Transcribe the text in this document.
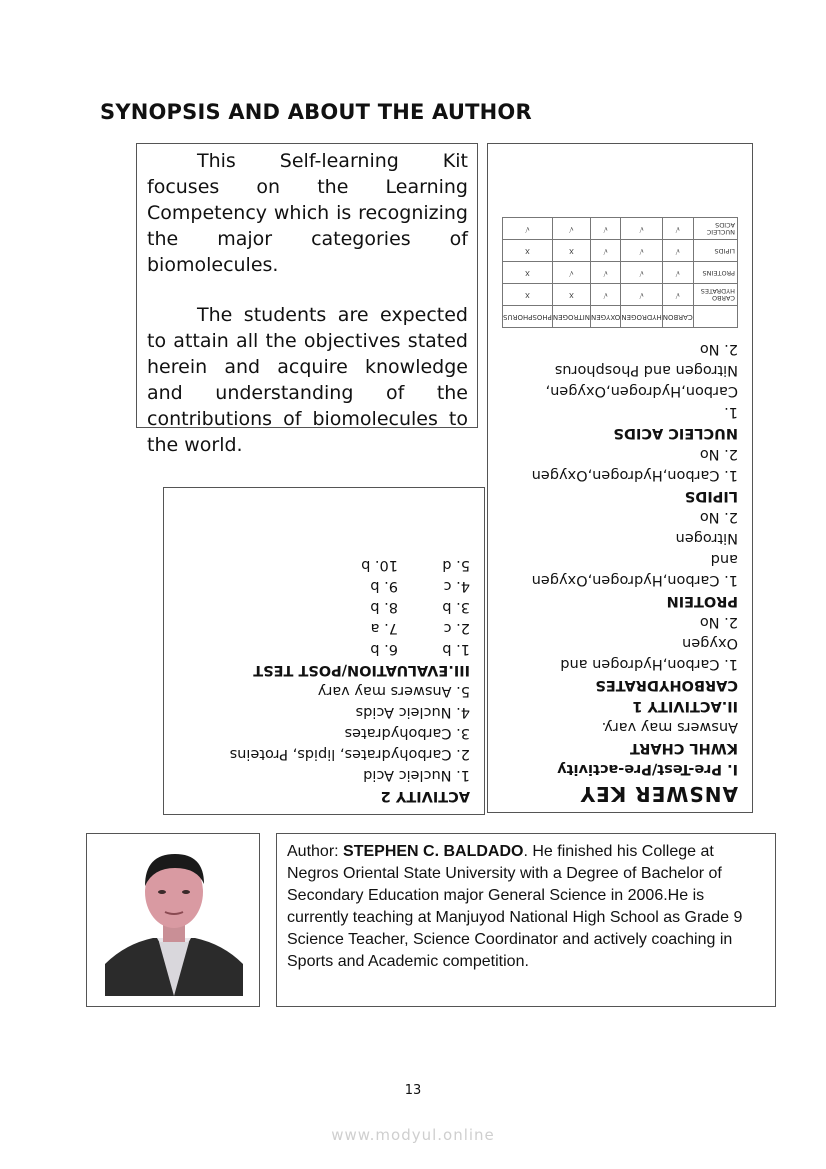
SYNOPSIS AND ABOUT THE AUTHOR

This Self-learning Kit focuses on the Learning Competency which is recognizing the major categories of biomolecules.

The students are expected to attain all the objectives stated herein and acquire knowledge and understanding of the contributions of biomolecules to the world.

ANSWER KEY
I. Pre-Test/Pre-activity
KWHL CHART
Answers may vary.
II.ACTIVITY 1
CARBOHYDRATES
1. Carbon,Hydrogen and
Oxygen
2. No
PROTEIN
1. Carbon,Hydrogen,Oxygen
and
Nitrogen
2. No
LIPIDS
1. Carbon,Hydrogen,Oxygen
2. No
NUCLEIC ACIDS
1.
Carbon,Hydrogen,Oxygen,
Nitrogen and Phosphorus
2. No
	CARBON	HYDROGEN	OXYGEN	NITROGEN	PHOSPHORUS
CARBO HYDRATES	√	√	√	X	X
PROTEINS	√	√	√	√	X
LIPIDS	√	√	√	X	X
NUCLEIC ACIDS	√	√	√	√	√
ACTIVITY 2
1. Nucleic Acid
2. Carbohydrates, lipids, Proteins
3. Carbohydrates
4. Nucleic Acids
5. Answers may vary
III.EVALUATION/POST TEST
1. b6. b
2. c7. a
3. b8. b
4. c9. b
5. d10. b
Author: STEPHEN C. BALDADO. He finished his College at Negros Oriental State University with a Degree of Bachelor of Secondary Education major General Science in 2006.He is currently teaching at Manjuyod National High School as Grade 9 Science Teacher, Science Coordinator and actively coaching in Sports and Academic competition.
13
www.modyul.online
